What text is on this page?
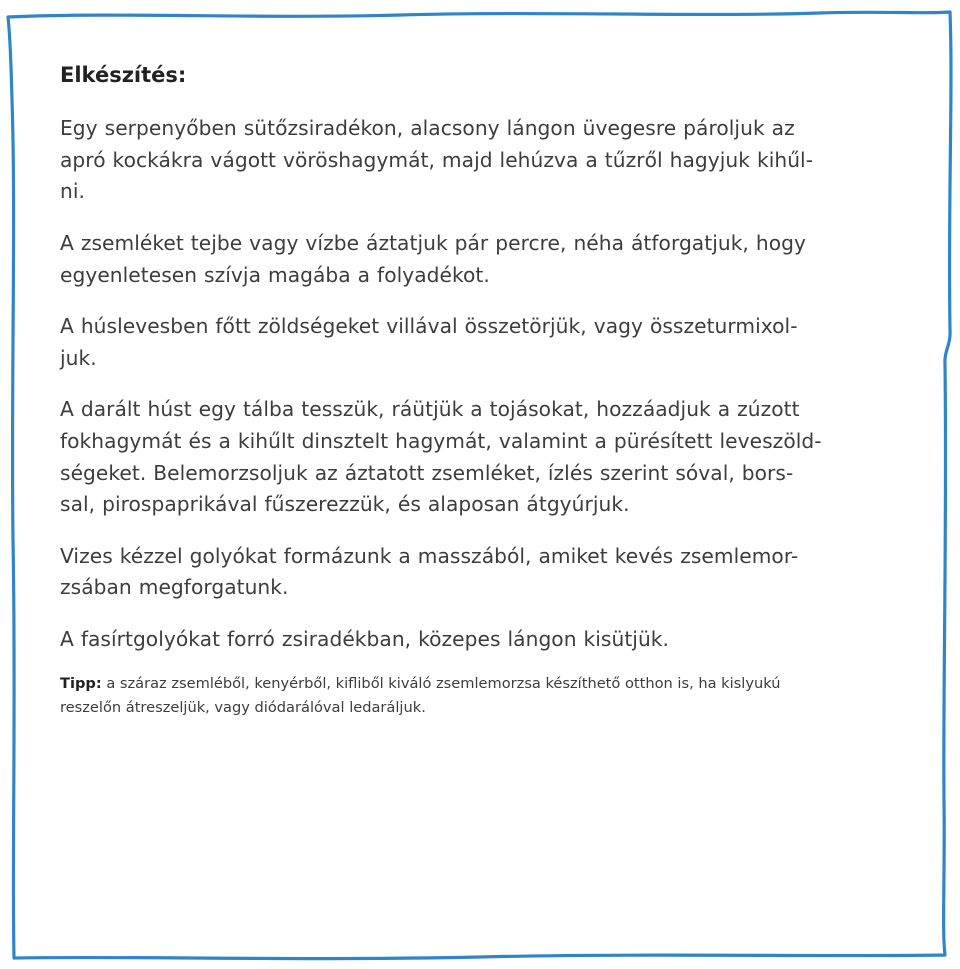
Elkészítés:

Egy serpenyőben sütőzsiradékon, alacsony lángon üvegesre pároljuk az
apró kockákra vágott vöröshagymát, majd lehúzva a tűzről hagyjuk kihűl-
ni.

A zsemléket tejbe vagy vízbe áztatjuk pár percre, néha átforgatjuk, hogy
egyenletesen szívja magába a folyadékot.

A húslevesben főtt zöldségeket villával összetörjük, vagy összeturmixol-
juk.

A darált húst egy tálba tesszük, ráütjük a tojásokat, hozzáadjuk a zúzott
fokhagymát és a kihűlt dinsztelt hagymát, valamint a pürésített leveszöld-
ségeket. Belemorzsoljuk az áztatott zsemléket, ízlés szerint sóval, bors-
sal, pirospaprikával fűszerezzük, és alaposan átgyúrjuk.

Vizes kézzel golyókat formázunk a masszából, amiket kevés zsemlemor-
zsában megforgatunk.

A fasírtgolyókat forró zsiradékban, közepes lángon kisütjük.

Tipp: a száraz zsemléből, kenyérből, kifliből kiváló zsemlemorzsa készíthető otthon is, ha kislyukú
reszelőn átreszeljük, vagy diódarálóval ledaráljuk.
